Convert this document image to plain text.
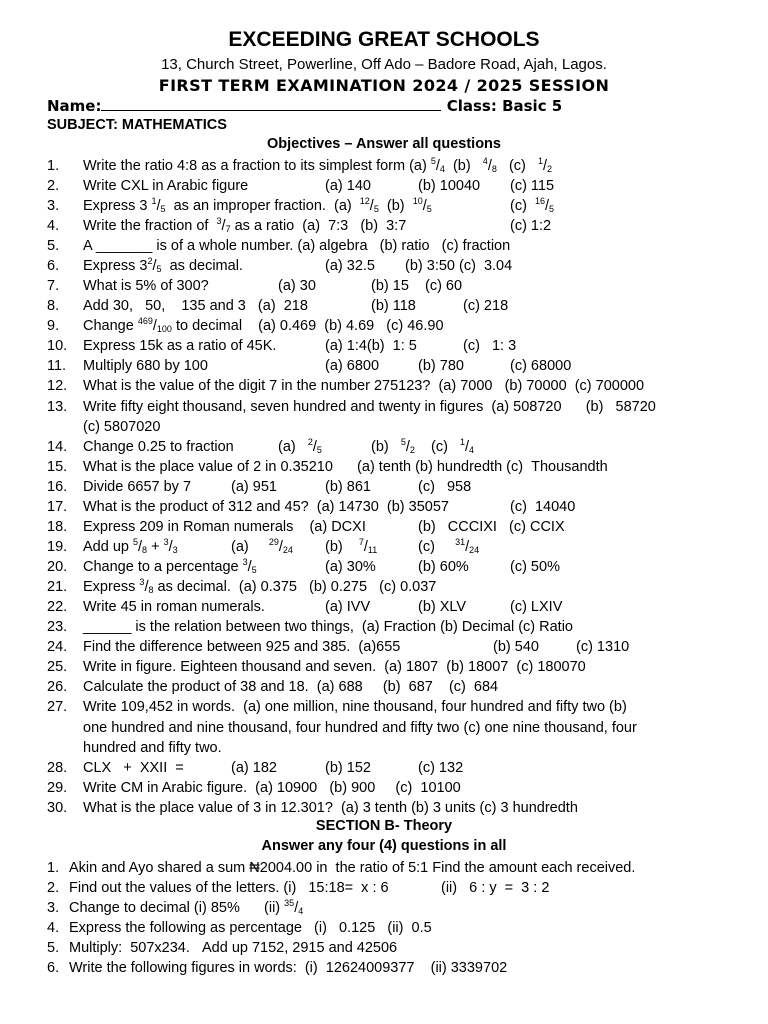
EXCEEDING GREAT SCHOOLS
13, Church Street, Powerline, Off Ado – Badore Road, Ajah, Lagos.
FIRST TERM EXAMINATION 2024 / 2025 SESSION
Name:	Class: Basic 5
SUBJECT: MATHEMATICS
Objectives – Answer all questions
1. Write the ratio 4:8 as a fraction to its simplest form (a) $^5/_4$  (b)   $^4/_8$   (c)   $^1/_2$
2. Write CXL in Arabic figure	(a) 140	(b) 10040 (c) 115
3. Express 3 $^1/_5$  as an improper fraction.  (a)  $^{12}/_5$  (b)  $^{10}/_5$	(c)  $^{16}/_5$
4. Write the fraction of  $^3/_7$ as a ratio  (a)  7:3   (b)  3:7	(c) 1:2
5. A _______ is of a whole number. (a) algebra   (b) ratio   (c) fraction
6. Express $3^2/_5$  as decimal.	(a) 32.5 (b) 3:50 (c)  3.04
7. What is 5% of 300?	(a) 30	(b) 15    (c) 60
8. Add 30,   50,    135 and 3   (a)  218	(b) 118	(c) 218
9. Change $^{469}/_{100}$ to decimal    (a) 0.469  (b) 4.69   (c) 46.90
10. Express 15k as a ratio of 45K.	(a) 1:4(b)  1: 5	(c)   1: 3
11. Multiply 680 by 100	(a) 6800	(b) 780	(c) 68000
12. What is the value of the digit 7 in the number 275123?  (a) 7000   (b) 70000  (c) 700000
13. Write fifty eight thousand, seven hundred and twenty in figures  (a) 508720      (b)   58720
14. Change 0.25 to fraction	(a)   $^2/_5$	(b)   $^5/_2$    (c)   $^1/_4$
15. What is the place value of 2 in 0.35210      (a) tenth (b) hundredth (c)  Thousandth
16. Divide 6657 by 7	(a) 951	(b) 861	(c)   958
17. What is the product of 312 and 45?  (a) 14730  (b) 35057	(c)  14040
18. Express 209 in Roman numerals    (a) DCXI	(b)   CCCIXI   (c) CCIX
19. Add up $^5/_8 + ^3/_3$	(a)     $^{29}/_{24}$ (b)    $^7/_{11}$	(c)     $^{31}/_{24}$
20. Change to a percentage $^3/_5$	(a) 30%	(b) 60%	(c) 50%
21. Express $^3/_8$ as decimal.  (a) 0.375   (b) 0.275   (c) 0.037
22. Write 45 in roman numerals.	(a) IVV	(b) XLV	(c) LXIV
23. ______ is the relation between two things,  (a) Fraction (b) Decimal (c) Ratio
24. Find the difference between 925 and 385.  (a)655	(b) 540	(c) 1310
25. Write in figure. Eighteen thousand and seven.  (a) 1807  (b) 18007  (c) 180070
26. Calculate the product of 38 and 18.  (a) 688     (b)  687    (c)  684
27. Write 109,452 in words.  (a) one million, nine thousand, four hundred and fifty two (b)
28. CLX   +  XXII  =	(a) 182	(b) 152	(c) 132
29. Write CM in Arabic figure.  (a) 10900   (b) 900     (c)  10100
30. What is the place value of 3 in 12.301?  (a) 3 tenth (b) 3 units (c) 3 hundredth
(c) 5807020
one hundred and nine thousand, four hundred and fifty two (c) one nine thousand, four
hundred and fifty two.
SECTION B- Theory
Answer any four (4) questions in all
1. Akin and Ayo shared a sum ₦2004.00 in  the ratio of 5:1 Find the amount each received.
2. Find out the values of the letters. (i)   15:18=  x : 6	(ii)   6 : y  =  3 : 2
3. Change to decimal (i) 85%      (ii) $^{35}/_4$
4. Express the following as percentage   (i)   0.125   (ii)  0.5
5. Multiply:  507x234.   Add up 7152, 2915 and 42506
6. Write the following figures in words:  (i)  12624009377    (ii) 3339702
